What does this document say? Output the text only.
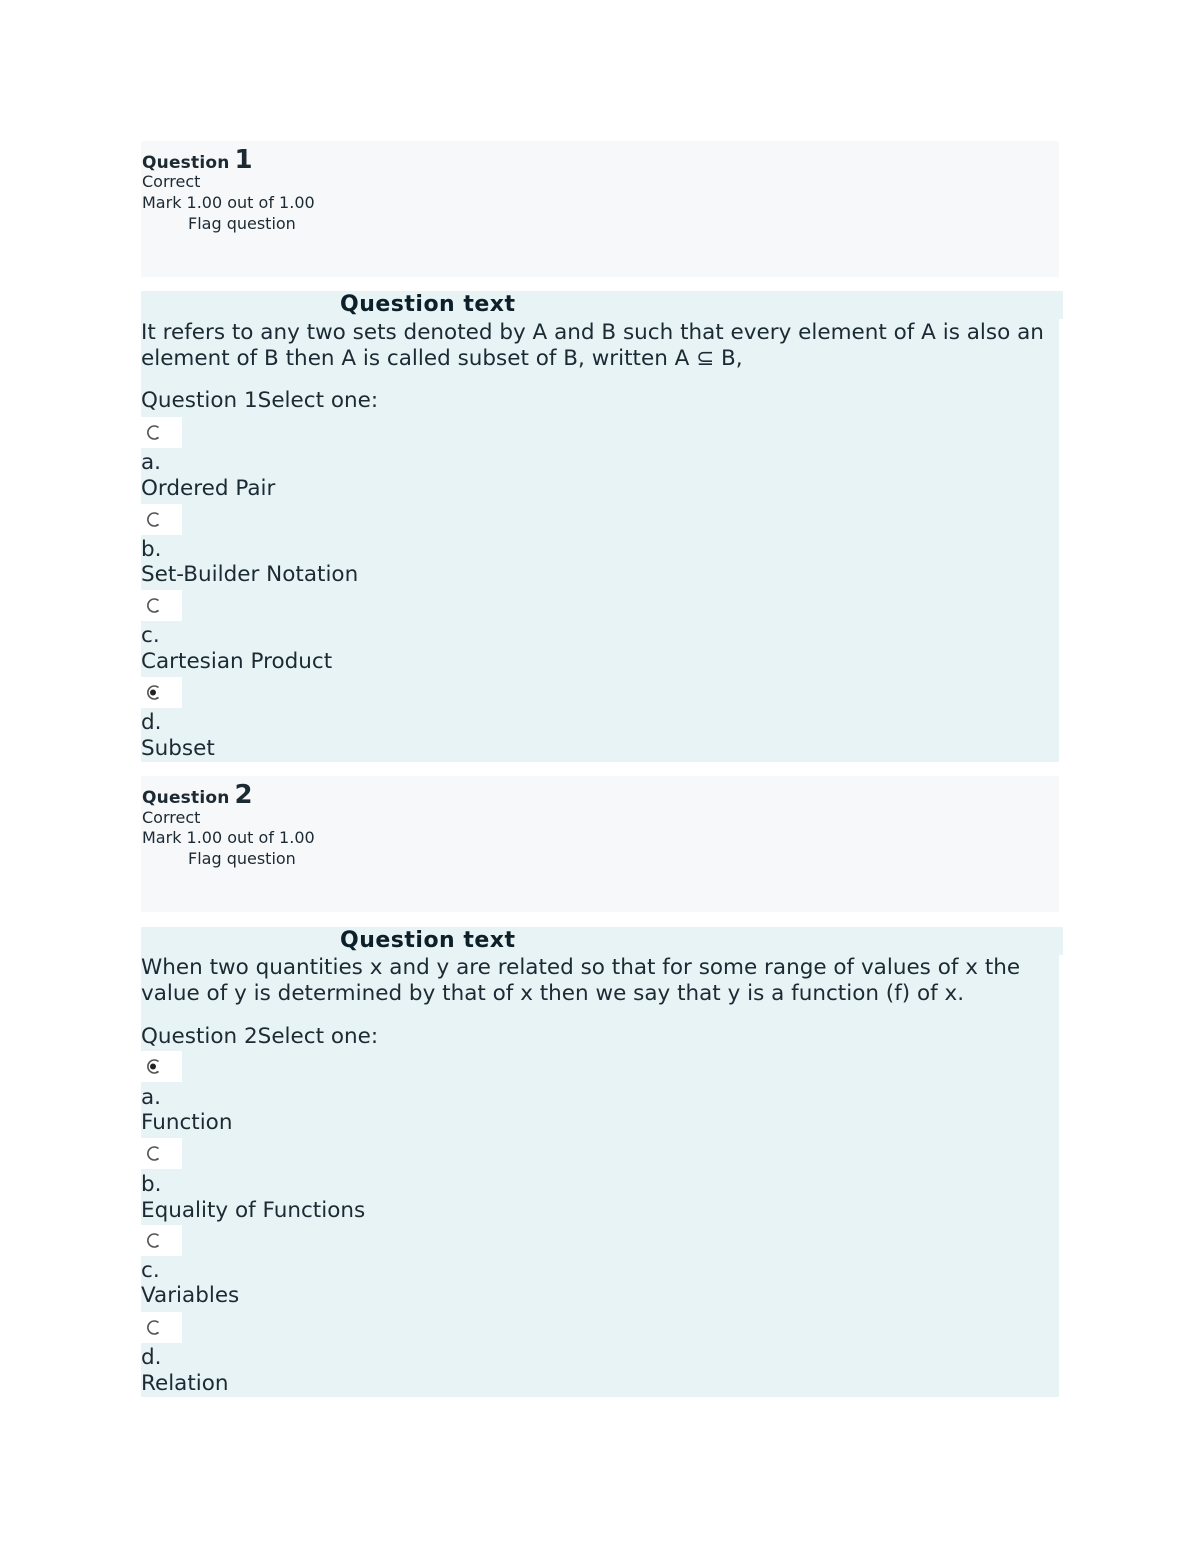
Question 1
Correct
Mark 1.00 out of 1.00
Flag question
Question text
It refers to any two sets denoted by A and B such that every element of A is also an element of B then A is called subset of B, written A ⊆ B,
Question 1Select one:
a.
Ordered Pair
b.
Set-Builder Notation
c.
Cartesian Product
d.
Subset
Question 2
Correct
Mark 1.00 out of 1.00
Flag question
Question text
When two quantities x and y are related so that for some range of values of x the value of y is determined by that of x then we say that y is a function (f) of x.
Question 2Select one:
a.
Function
b.
Equality of Functions
c.
Variables
d.
Relation
